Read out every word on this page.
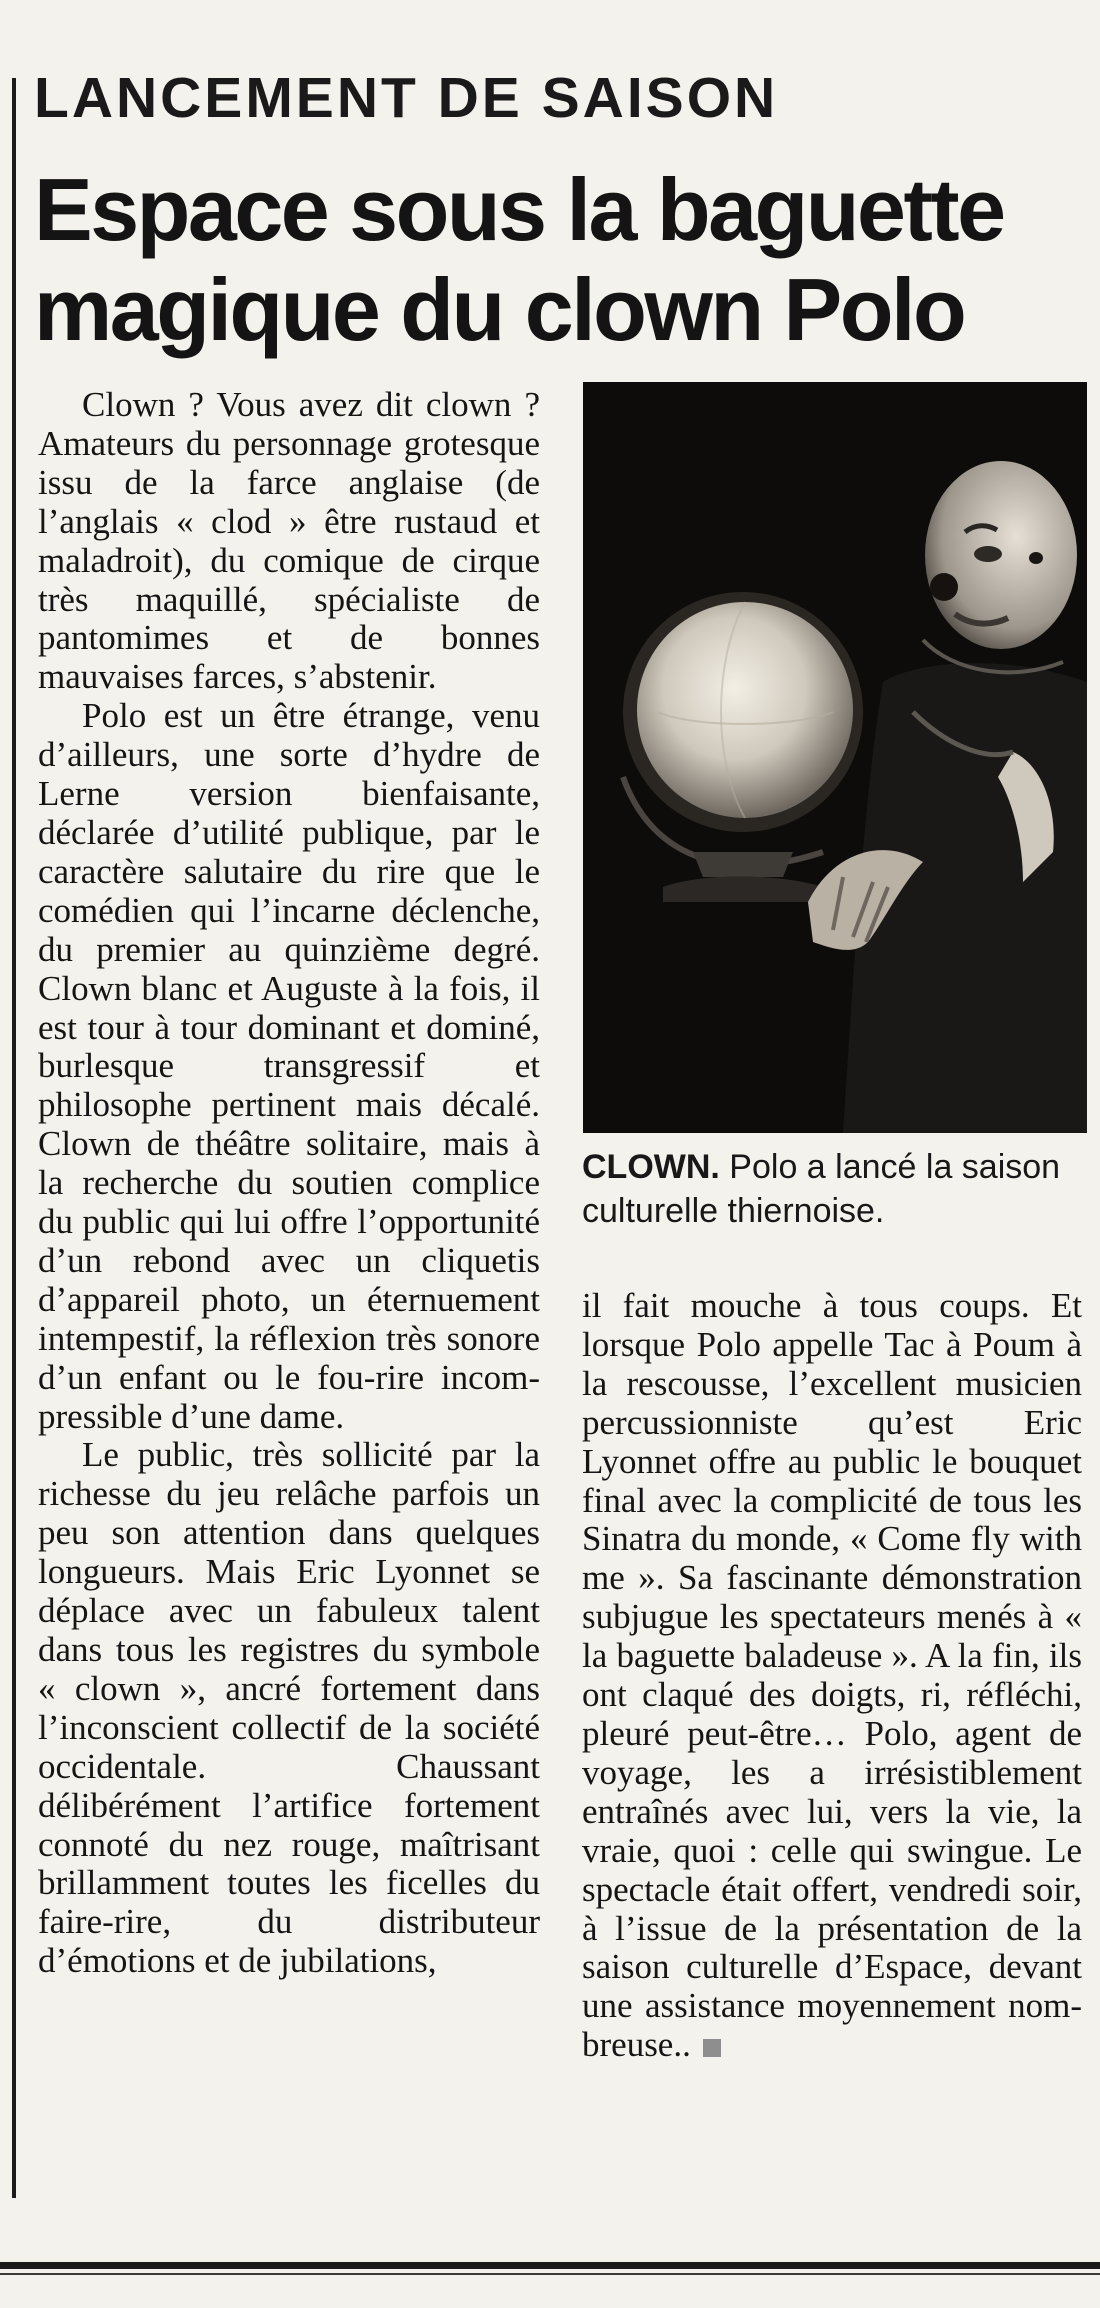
LANCEMENT DE SAISON
Espace sous la baguette magique du clown Polo

Clown ? Vous avez dit clown ? Amateurs du personnage grotesque issu de la farce anglaise (de l’anglais « clod » être rustaud et maladroit), du comique de cirque très maquillé, spécialiste de pantomimes et de bonnes mauvaises farces, s’abstenir.

Polo est un être étrange, venu d’ailleurs, une sorte d’hydre de Lerne version bienfaisante, déclarée d’utilité publique, par le caractère salutaire du rire que le comédien qui l’incarne déclenche, du premier au quinzième degré. Clown blanc et Auguste à la fois, il est tour à tour dominant et dominé, burlesque transgressif et philosophe pertinent mais décalé. Clown de théâtre solitaire, mais à la recherche du soutien complice du public qui lui offre l’opportunité d’un rebond avec un cliquetis d’appareil photo, un éternuement intempestif, la réflexion très sonore d’un enfant ou le fou-rire incompressible d’une dame.

Le public, très sollicité par la richesse du jeu relâche parfois un peu son attention dans quelques longueurs. Mais Eric Lyonnet se déplace avec un fabuleux talent dans tous les registres du symbole « clown », ancré fortement dans l’inconscient collectif de la société occidentale. Chaussant délibérément l’artifice fortement connoté du nez rouge, maîtrisant brillamment toutes les ficelles du faire-rire, du distributeur d’émotions et de jubilations,

CLOWN. Polo a lancé la saison culturelle thiernoise.

il fait mouche à tous coups. Et lorsque Polo appelle Tac à Poum à la rescousse, l’excellent musicien percussionniste qu’est Eric Lyonnet offre au public le bouquet final avec la complicité de tous les Sinatra du monde, « Come fly with me ». Sa fascinante démonstration subjugue les spectateurs menés à « la baguette baladeuse ». A la fin, ils ont claqué des doigts, ri, réfléchi, pleuré peut-être… Polo, agent de voyage, les a irrésistiblement entraînés avec lui, vers la vie, la vraie, quoi : celle qui swingue. Le spectacle était offert, vendredi soir, à l’issue de la présentation de la saison culturelle d’Espace, devant une assistance moyennement nombreuse..
